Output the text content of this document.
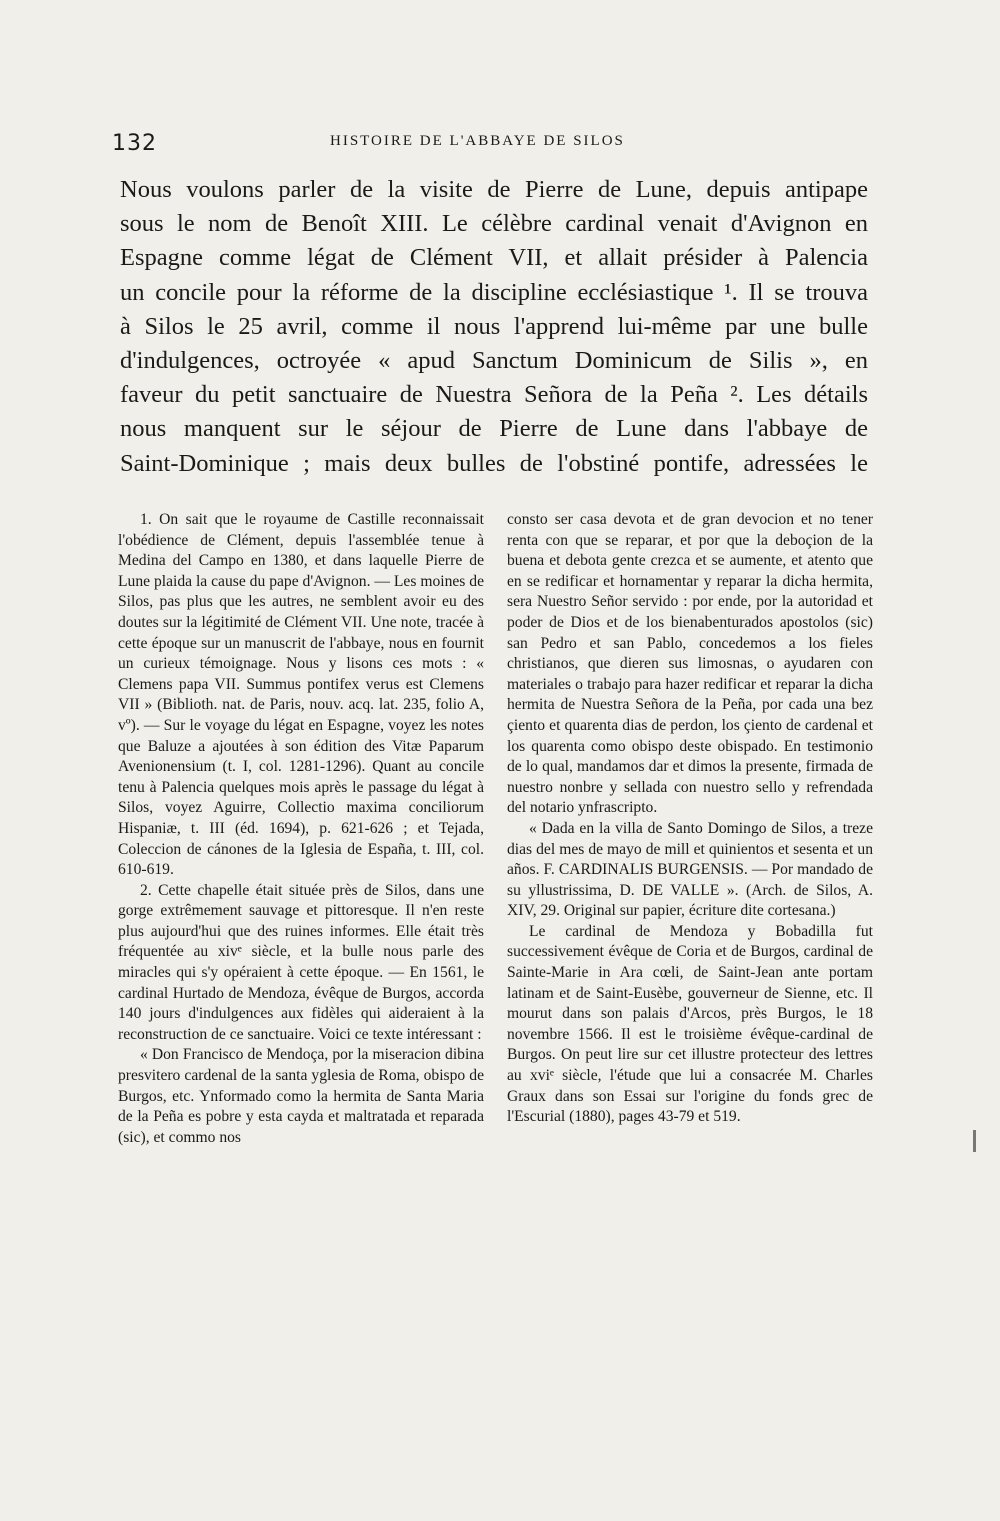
132	HISTOIRE DE L'ABBAYE DE SILOS
Nous voulons parler de la visite de Pierre de Lune, depuis antipape
sous le nom de Benoît XIII. Le célèbre cardinal venait d'Avignon en
Espagne comme légat de Clément VII, et allait présider à Palencia
un concile pour la réforme de la discipline ecclésiastique ¹. Il se trouva
à Silos le 25 avril, comme il nous l'apprend lui-même par une bulle
d'indulgences, octroyée « apud Sanctum Dominicum de Silis », en
faveur du petit sanctuaire de Nuestra Señora de la Peña ². Les détails
nous manquent sur le séjour de Pierre de Lune dans l'abbaye de
Saint-Dominique ; mais deux bulles de l'obstiné pontife, adressées le

1. On sait que le royaume de Castille reconnaissait l'obédience de Clément, depuis l'assemblée tenue à Medina del Campo en 1380, et dans laquelle Pierre de Lune plaida la cause du pape d'Avignon. — Les moines de Silos, pas plus que les autres, ne semblent avoir eu des doutes sur la légitimité de Clément VII. Une note, tracée à cette époque sur un manuscrit de l'abbaye, nous en fournit un curieux témoignage. Nous y lisons ces mots : « Clemens papa VII. Summus pontifex verus est Clemens VII » (Biblioth. nat. de Paris, nouv. acq. lat. 235, folio A, vº). — Sur le voyage du légat en Espagne, voyez les notes que Baluze a ajoutées à son édition des Vitæ Paparum Avenionensium (t. I, col. 1281-1296). Quant au concile tenu à Palencia quelques mois après le passage du légat à Silos, voyez Aguirre, Collectio maxima conciliorum Hispaniæ, t. III (éd. 1694), p. 621-626 ; et Tejada, Coleccion de cánones de la Iglesia de España, t. III, col. 610-619.

2. Cette chapelle était située près de Silos, dans une gorge extrêmement sauvage et pittoresque. Il n'en reste plus aujourd'hui que des ruines informes. Elle était très fréquentée au xivᵉ siècle, et la bulle nous parle des miracles qui s'y opéraient à cette époque. — En 1561, le cardinal Hurtado de Mendoza, évêque de Burgos, accorda 140 jours d'indulgences aux fidèles qui aideraient à la reconstruction de ce sanctuaire. Voici ce texte intéressant :

« Don Francisco de Mendoça, por la miseracion dibina presvitero cardenal de la santa yglesia de Roma, obispo de Burgos, etc. Ynformado como la hermita de Santa Maria de la Peña es pobre y esta cayda et maltratada et reparada (sic), et commo nos

consto ser casa devota et de gran devocion et no tener renta con que se reparar, et por que la deboçion de la buena et debota gente crezca et se aumente, et atento que en se redificar et hornamentar y reparar la dicha hermita, sera Nuestro Señor servido : por ende, por la autoridad et poder de Dios et de los bienabenturados apostolos (sic) san Pedro et san Pablo, concedemos a los fieles christianos, que dieren sus limosnas, o ayudaren con materiales o trabajo para hazer redificar et reparar la dicha hermita de Nuestra Señora de la Peña, por cada una bez çiento et quarenta dias de perdon, los çiento de cardenal et los quarenta como obispo deste obispado. En testimonio de lo qual, mandamos dar et dimos la presente, firmada de nuestro nonbre y sellada con nuestro sello y refrendada del notario ynfrascripto.

« Dada en la villa de Santo Domingo de Silos, a treze dias del mes de mayo de mill et quinientos et sesenta et un años. F. CARDINALIS BURGENSIS. — Por mandado de su yllustrissima, D. DE VALLE ». (Arch. de Silos, A. XIV, 29. Original sur papier, écriture dite cortesana.)

Le cardinal de Mendoza y Bobadilla fut successivement évêque de Coria et de Burgos, cardinal de Sainte-Marie in Ara cœli, de Saint-Jean ante portam latinam et de Saint-Eusèbe, gouverneur de Sienne, etc. Il mourut dans son palais d'Arcos, près Burgos, le 18 novembre 1566. Il est le troisième évêque-cardinal de Burgos. On peut lire sur cet illustre protecteur des lettres au xviᵉ siècle, l'étude que lui a consacrée M. Charles Graux dans son Essai sur l'origine du fonds grec de l'Escurial (1880), pages 43-79 et 519.
